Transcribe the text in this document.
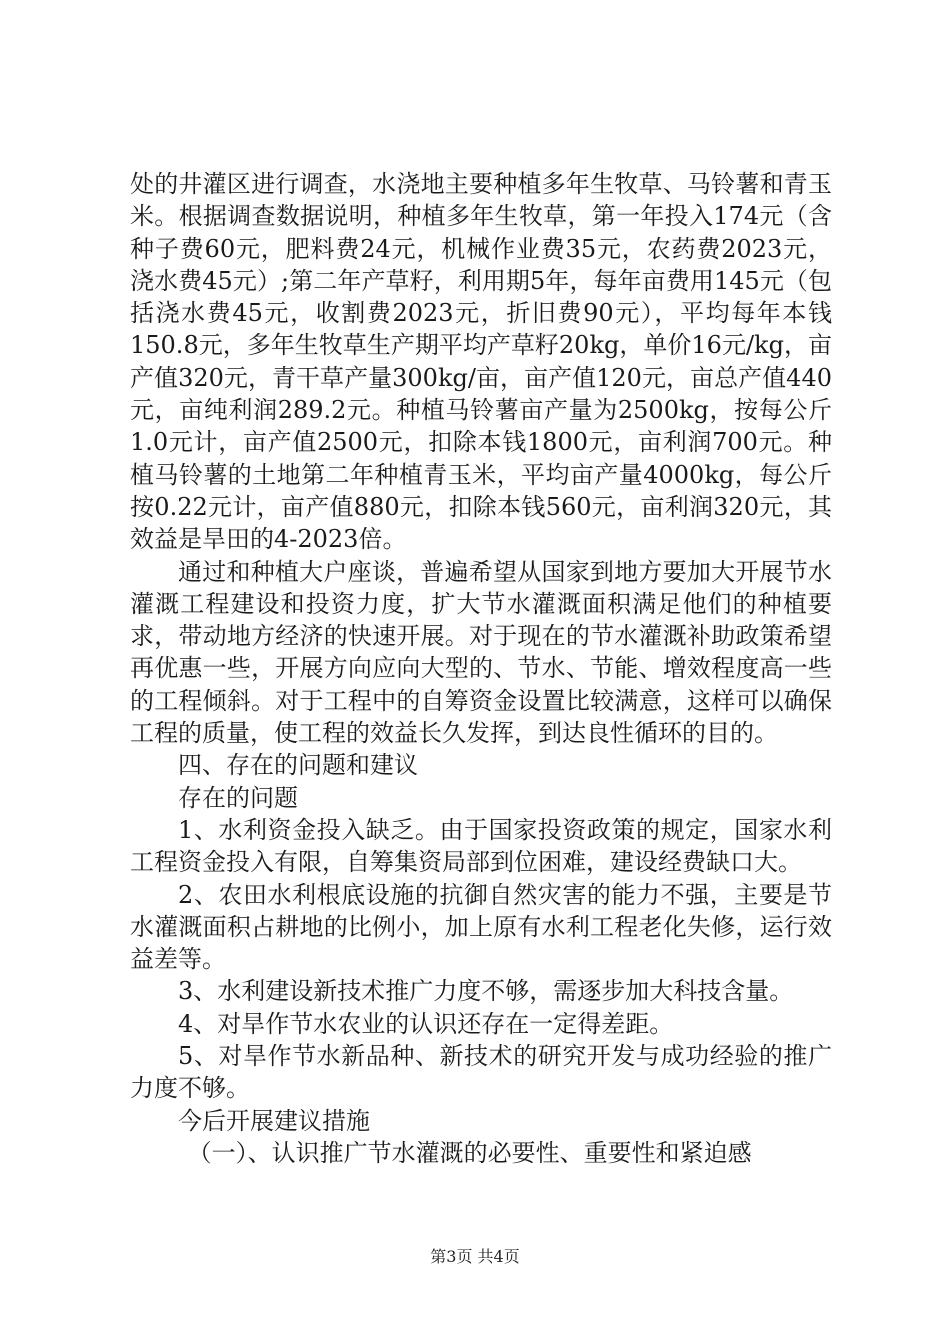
处的井灌区进行调查，水浇地主要种植多年生牧草、马铃薯和青玉米。根据调查数据说明，种植多年生牧草，第一年投入174元（含种子费60元，肥料费24元，机械作业费35元，农药费2023元，浇水费45元）;第二年产草籽，利用期5年，每年亩费用145元（包括浇水费45元，收割费2023元，折旧费90元），平均每年本钱150.8元，多年生牧草生产期平均产草籽20kg，单价16元/kg，亩产值320元，青干草产量300kg/亩，亩产值120元，亩总产值440元，亩纯利润289.2元。种植马铃薯亩产量为2500kg，按每公斤1.0元计，亩产值2500元，扣除本钱1800元，亩利润700元。种植马铃薯的土地第二年种植青玉米，平均亩产量4000kg，每公斤按0.22元计，亩产值880元，扣除本钱560元，亩利润320元，其效益是旱田的4-2023倍。

通过和种植大户座谈，普遍希望从国家到地方要加大开展节水灌溉工程建设和投资力度，扩大节水灌溉面积满足他们的种植要求，带动地方经济的快速开展。对于现在的节水灌溉补助政策希望再优惠一些，开展方向应向大型的、节水、节能、增效程度高一些的工程倾斜。对于工程中的自筹资金设置比较满意，这样可以确保工程的质量，使工程的效益长久发挥，到达良性循环的目的。

四、存在的问题和建议

存在的问题

1、水利资金投入缺乏。由于国家投资政策的规定，国家水利工程资金投入有限，自筹集资局部到位困难，建设经费缺口大。

2、农田水利根底设施的抗御自然灾害的能力不强，主要是节水灌溉面积占耕地的比例小，加上原有水利工程老化失修，运行效益差等。

3、水利建设新技术推广力度不够，需逐步加大科技含量。

4、对旱作节水农业的认识还存在一定得差距。

5、对旱作节水新品种、新技术的研究开发与成功经验的推广力度不够。

今后开展建议措施

（一）、认识推广节水灌溉的必要性、重要性和紧迫感

第3页 共4页
